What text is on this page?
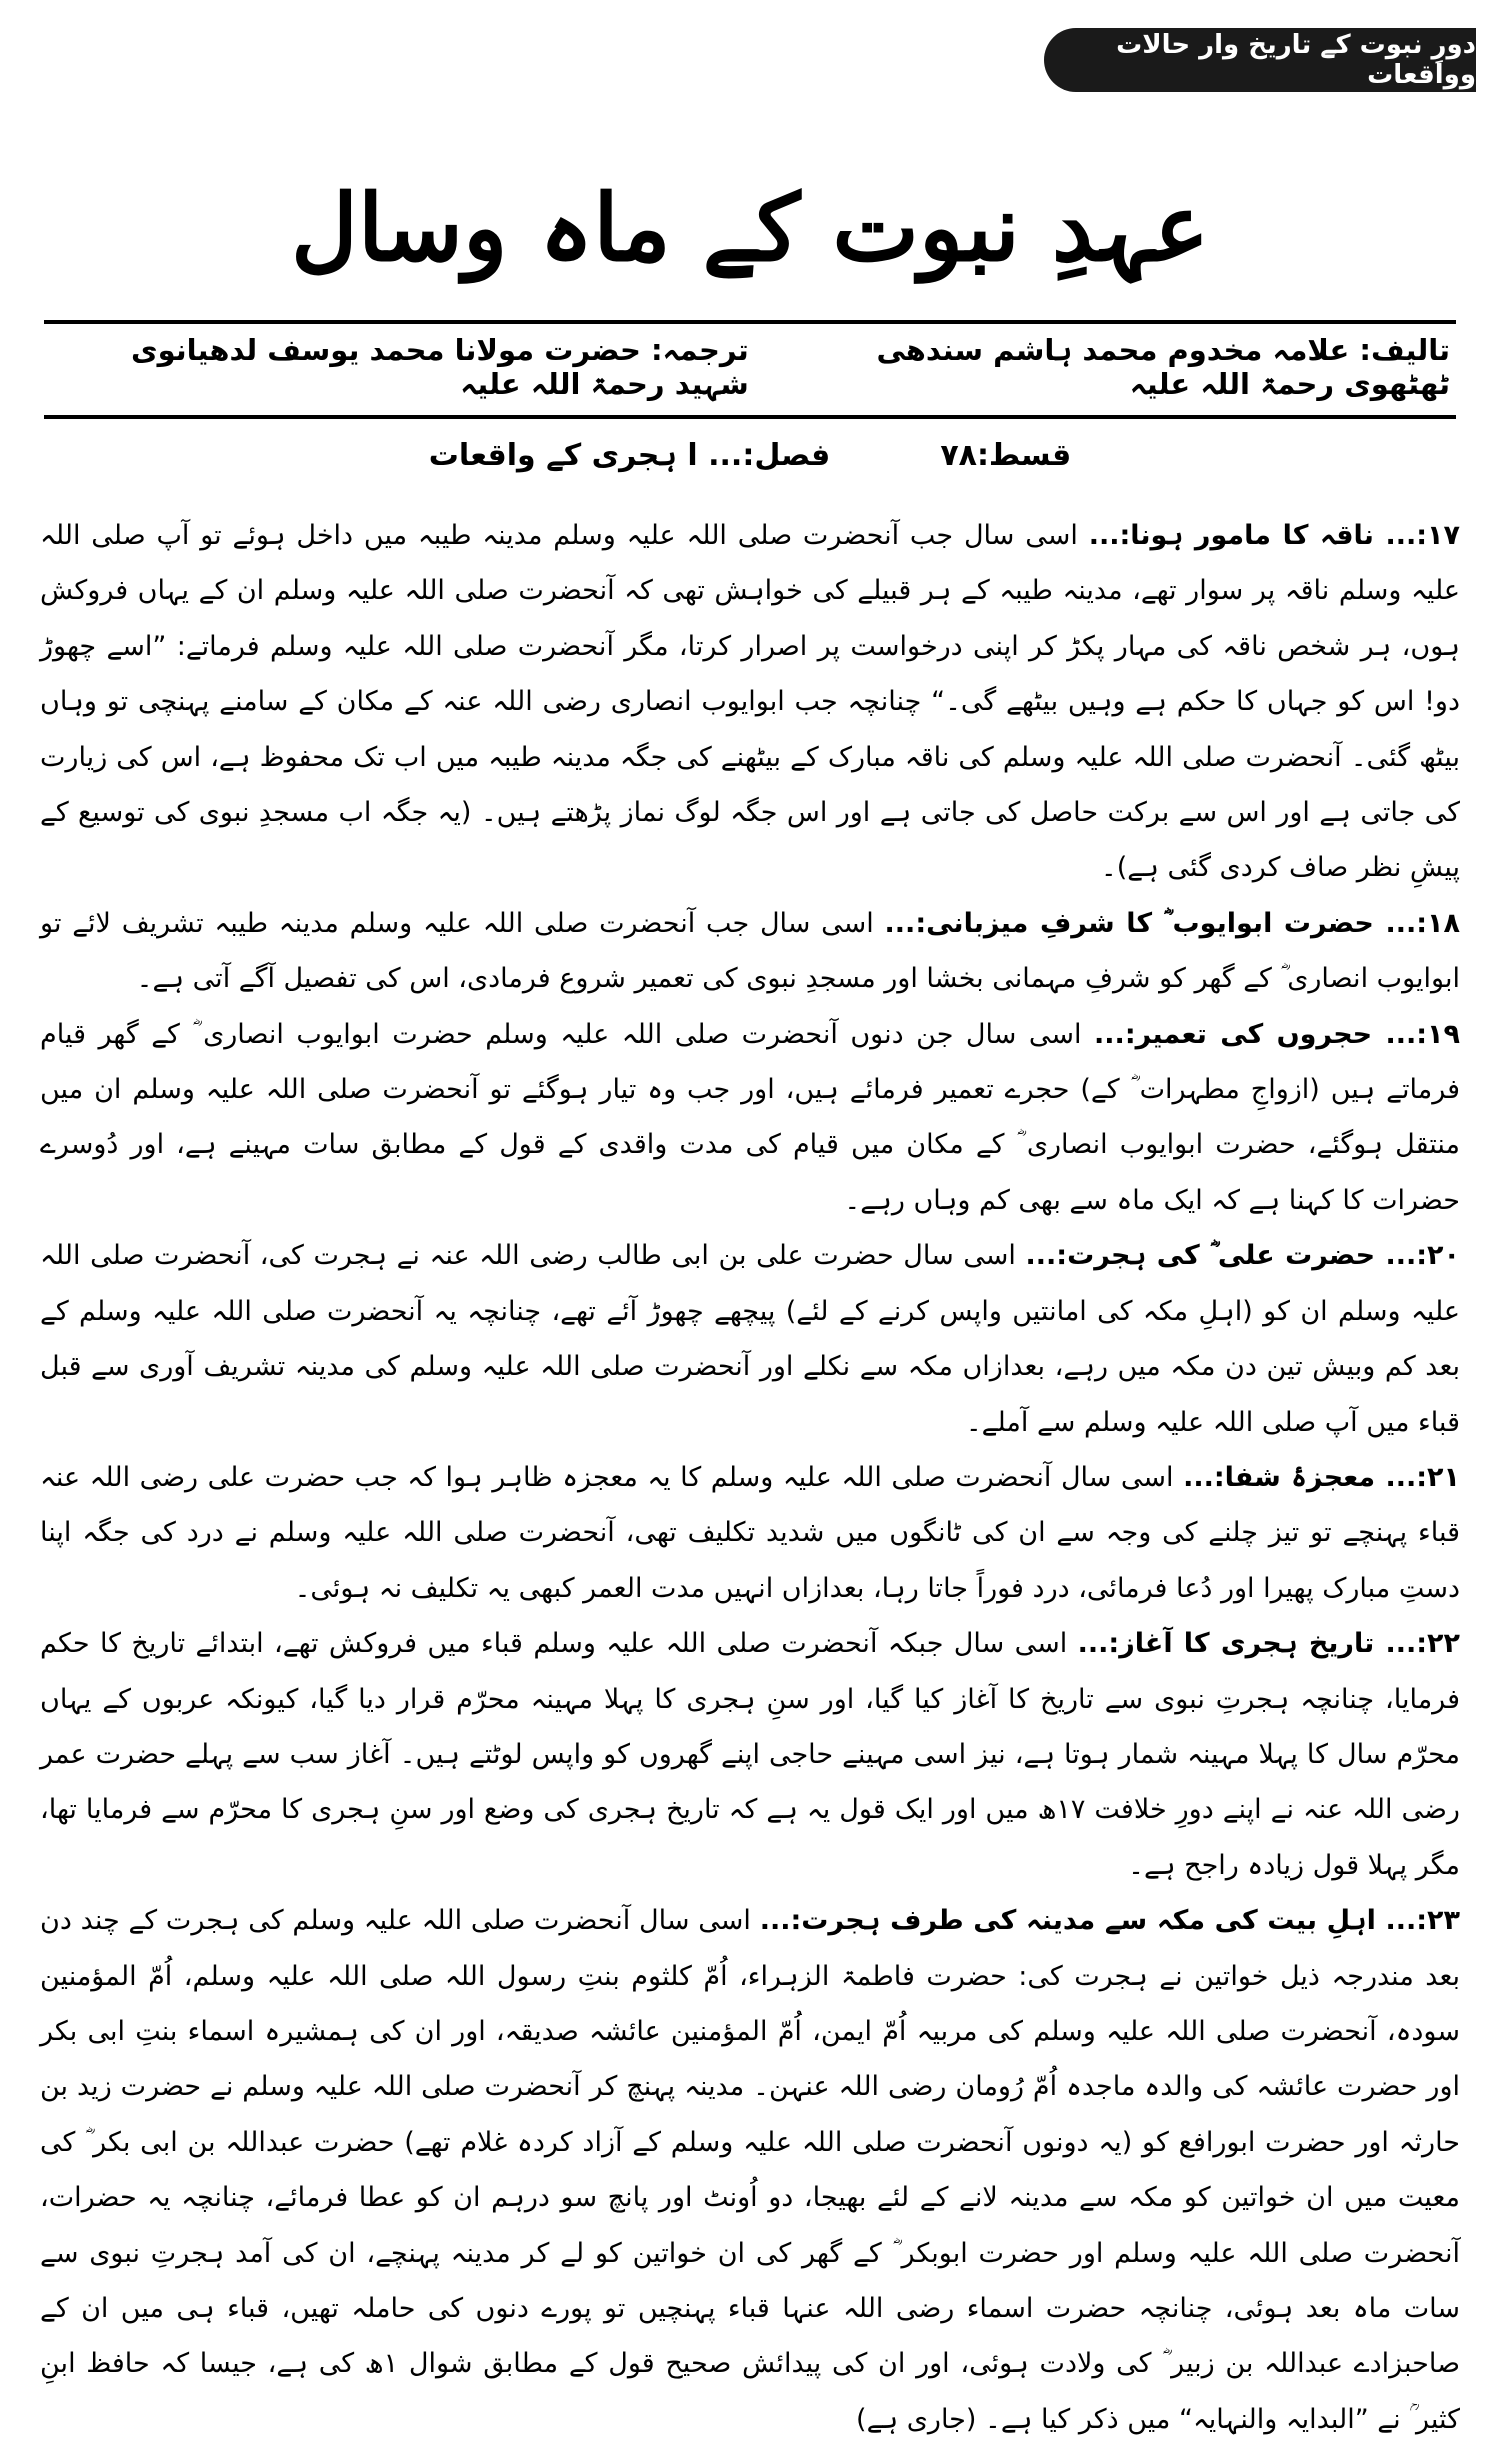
دورِ نبوت کے تاریخ وار حالات وواقعات
عہدِ نبوت کے ماہ وسال
تالیف: علامہ مخدوم محمد ہاشم سندھی ٹھٹھوی رحمۃ اللہ علیہ
ترجمہ: حضرت مولانا محمد یوسف لدھیانوی شہید رحمۃ اللہ علیہ
قسط:۷۸
فصل:... ا ہجری کے واقعات

۱۷:... ناقہ کا مامور ہونا:... اسی سال جب آنحضرت صلی اللہ علیہ وسلم مدینہ طیبہ میں داخل ہوئے تو آپ صلی اللہ علیہ وسلم ناقہ پر سوار تھے، مدینہ طیبہ کے ہر قبیلے کی خواہش تھی کہ آنحضرت صلی اللہ علیہ وسلم ان کے یہاں فروکش ہوں، ہر شخص ناقہ کی مہار پکڑ کر اپنی درخواست پر اصرار کرتا، مگر آنحضرت صلی اللہ علیہ وسلم فرماتے: ”اسے چھوڑ دو! اس کو جہاں کا حکم ہے وہیں بیٹھے گی۔“ چنانچہ جب ابوایوب انصاری رضی اللہ عنہ کے مکان کے سامنے پہنچی تو وہاں بیٹھ گئی۔ آنحضرت صلی اللہ علیہ وسلم کی ناقہ مبارک کے بیٹھنے کی جگہ مدینہ طیبہ میں اب تک محفوظ ہے، اس کی زیارت کی جاتی ہے اور اس سے برکت حاصل کی جاتی ہے اور اس جگہ لوگ نماز پڑھتے ہیں۔ (یہ جگہ اب مسجدِ نبوی کی توسیع کے پیشِ نظر صاف کردی گئی ہے)۔

۱۸:... حضرت ابوایوب ؓ کا شرفِ میزبانی:... اسی سال جب آنحضرت صلی اللہ علیہ وسلم مدینہ طیبہ تشریف لائے تو ابوایوب انصاری ؓ کے گھر کو شرفِ مہمانی بخشا اور مسجدِ نبوی کی تعمیر شروع فرمادی، اس کی تفصیل آگے آتی ہے۔

۱۹:... حجروں کی تعمیر:... اسی سال جن دنوں آنحضرت صلی اللہ علیہ وسلم حضرت ابوایوب انصاری ؓ کے گھر قیام فرماتے ہیں (ازواجِ مطہرات ؓ کے) حجرے تعمیر فرمائے ہیں، اور جب وہ تیار ہوگئے تو آنحضرت صلی اللہ علیہ وسلم ان میں منتقل ہوگئے، حضرت ابوایوب انصاری ؓ کے مکان میں قیام کی مدت واقدی کے قول کے مطابق سات مہینے ہے، اور دُوسرے حضرات کا کہنا ہے کہ ایک ماہ سے بھی کم وہاں رہے۔

۲۰:... حضرت علی ؓ کی ہجرت:... اسی سال حضرت علی بن ابی طالب رضی اللہ عنہ نے ہجرت کی، آنحضرت صلی اللہ علیہ وسلم ان کو (اہلِ مکہ کی امانتیں واپس کرنے کے لئے) پیچھے چھوڑ آئے تھے، چنانچہ یہ آنحضرت صلی اللہ علیہ وسلم کے بعد کم وبیش تین دن مکہ میں رہے، بعدازاں مکہ سے نکلے اور آنحضرت صلی اللہ علیہ وسلم کی مدینہ تشریف آوری سے قبل قباء میں آپ صلی اللہ علیہ وسلم سے آملے۔

۲۱:... معجزۂ شفا:... اسی سال آنحضرت صلی اللہ علیہ وسلم کا یہ معجزہ ظاہر ہوا کہ جب حضرت علی رضی اللہ عنہ قباء پہنچے تو تیز چلنے کی وجہ سے ان کی ٹانگوں میں شدید تکلیف تھی، آنحضرت صلی اللہ علیہ وسلم نے درد کی جگہ اپنا دستِ مبارک پھیرا اور دُعا فرمائی، درد فوراً جاتا رہا، بعدازاں انہیں مدت العمر کبھی یہ تکلیف نہ ہوئی۔

۲۲:... تاریخ ہجری کا آغاز:... اسی سال جبکہ آنحضرت صلی اللہ علیہ وسلم قباء میں فروکش تھے، ابتدائے تاریخ کا حکم فرمایا، چنانچہ ہجرتِ نبوی سے تاریخ کا آغاز کیا گیا، اور سنِ ہجری کا پہلا مہینہ محرّم قرار دیا گیا، کیونکہ عربوں کے یہاں محرّم سال کا پہلا مہینہ شمار ہوتا ہے، نیز اسی مہینے حاجی اپنے گھروں کو واپس لوٹتے ہیں۔ آغاز سب سے پہلے حضرت عمر رضی اللہ عنہ نے اپنے دورِ خلافت ۱۷ھ میں اور ایک قول یہ ہے کہ تاریخ ہجری کی وضع اور سنِ ہجری کا محرّم سے فرمایا تھا، مگر پہلا قول زیادہ راجح ہے۔

۲۳:... اہلِ بیت کی مکہ سے مدینہ کی طرف ہجرت:... اسی سال آنحضرت صلی اللہ علیہ وسلم کی ہجرت کے چند دن بعد مندرجہ ذیل خواتین نے ہجرت کی: حضرت فاطمۃ الزہراء، اُمّ کلثوم بنتِ رسول اللہ صلی اللہ علیہ وسلم، اُمّ المؤمنین سودہ، آنحضرت صلی اللہ علیہ وسلم کی مربیہ اُمّ ایمن، اُمّ المؤمنین عائشہ صدیقہ، اور ان کی ہمشیرہ اسماء بنتِ ابی بکر اور حضرت عائشہ کی والدہ ماجدہ اُمّ رُومان رضی اللہ عنہن۔ مدینہ پہنچ کر آنحضرت صلی اللہ علیہ وسلم نے حضرت زید بن حارثہ اور حضرت ابورافع کو (یہ دونوں آنحضرت صلی اللہ علیہ وسلم کے آزاد کردہ غلام تھے) حضرت عبداللہ بن ابی بکر ؓ کی معیت میں ان خواتین کو مکہ سے مدینہ لانے کے لئے بھیجا، دو اُونٹ اور پانچ سو درہم ان کو عطا فرمائے، چنانچہ یہ حضرات، آنحضرت صلی اللہ علیہ وسلم اور حضرت ابوبکر ؓ کے گھر کی ان خواتین کو لے کر مدینہ پہنچے، ان کی آمد ہجرتِ نبوی سے سات ماہ بعد ہوئی، چنانچہ حضرت اسماء رضی اللہ عنہا قباء پہنچیں تو پورے دنوں کی حاملہ تھیں، قباء ہی میں ان کے صاحبزادے عبداللہ بن زبیر ؓ کی ولادت ہوئی، اور ان کی پیدائش صحیح قول کے مطابق شوال ۱ھ کی ہے، جیسا کہ حافظ ابنِ کثیر ؒ نے ”البدایہ والنہایہ“ میں ذکر کیا ہے۔ (جاری ہے)
